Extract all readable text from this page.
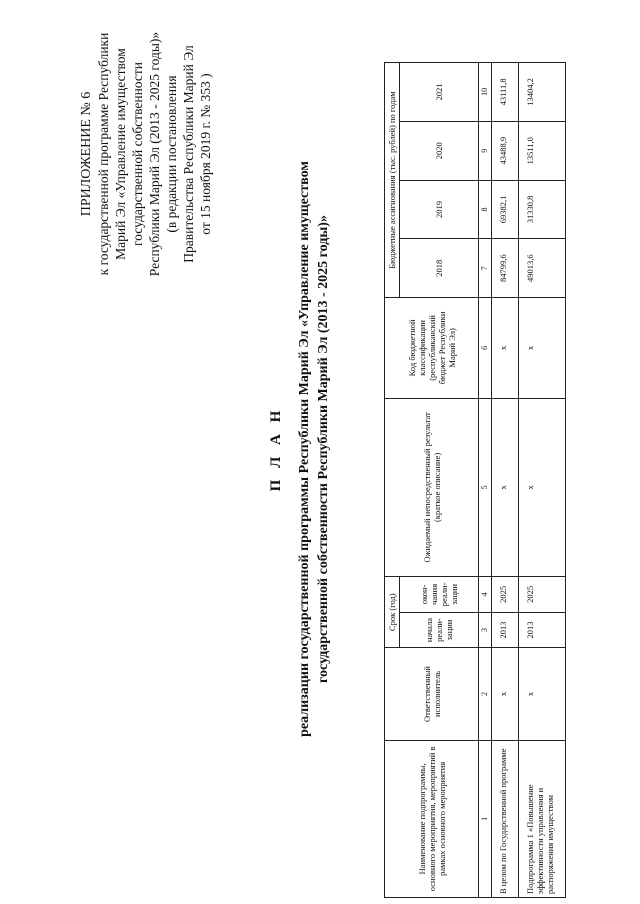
ПРИЛОЖЕНИЕ № 6 к государственной программе Республики Марий Эл «Управление имуществом государственной собственности Республики Марий Эл (2013 - 2025 годы)» (в редакции постановления Правительства Республики Марий Эл от 15 ноября 2019 г. № 353 )
П Л А Н реализации государственной программы Республики Марий Эл «Управление имуществом государственной собственности Республики Марий Эл (2013 - 2025 годы)»
Наименование подпрограммы, основного мероприятия, мероприятий в рамках основного мероприятия	Ответственный исполнитель	Срок (год)		Ожидаемый непосредственный результат (краткое описание)	Код бюджетной классификации (республиканский бюджет Республики Марий Эл)	Бюджетные ассигнования (тыс. рублей) по годам			
		начала реали-зации	окон-чания реали-зации			2018	2019	2020	2021

1	2	3	4	5	6	7	8	9	10
В целом по Государственной программе	х	2013	2025	х	х	84799,6	69382,1	43488,9	43111,8
Подпрограмма 1 «Повышение эффективности управления и распоряжения имуществом	х	2013	2025	х	х	49013,6	31330,8	13511,0	13404,2
